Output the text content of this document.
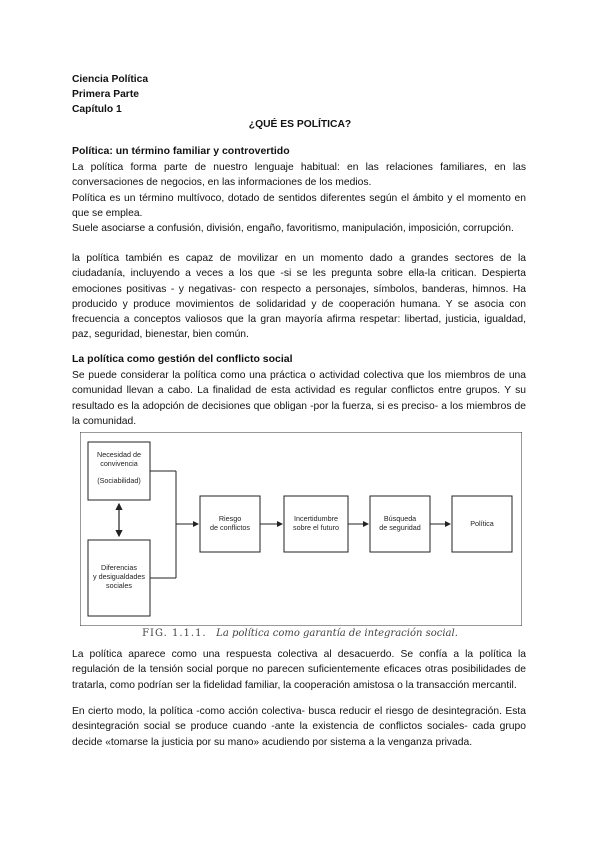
Ciencia Política
Primera Parte
Capítulo 1
¿QUÉ ES POLÍTICA?
Política: un término familiar y controvertido
La política forma parte de nuestro lenguaje habitual: en las relaciones familiares, en las conversaciones de negocios, en las informaciones de los medios.
Política es un término multívoco, dotado de sentidos diferentes según el ámbito y el momento en que se emplea.
Suele asociarse a confusión, división, engaño, favoritismo, manipulación, imposición, corrupción.
la política también es capaz de movilizar en un momento dado a grandes sectores de la ciudadanía, incluyendo a veces a los que -si se les pregunta sobre ella-la critican. Despierta emociones positivas - y negativas- con respecto a personajes, símbolos, banderas, himnos. Ha producido y produce movimientos de solidaridad y de cooperación humana. Y se asocia con frecuencia a conceptos valiosos que la gran mayoría afirma respetar: libertad, justicia, igualdad, paz, seguridad, bienestar, bien común.
La política como gestión del conflicto social
Se puede considerar la política como una práctica o actividad colectiva que los miembros de una comunidad llevan a cabo. La finalidad de esta actividad es regular conflictos entre grupos. Y su resultado es la adopción de decisiones que obligan -por la fuerza, si es preciso- a los miembros de la comunidad.
Necesidad de
convivencia
(Sociabilidad)
Diferencias
y desigualdades
sociales
Riesgo
de conflictos
Incertidumbre
sobre el futuro
Búsqueda
de seguridad	Política
FIG. 1.1.1. La política como garantía de integración social.
La política aparece como una respuesta colectiva al desacuerdo. Se confía a la política la regulación de la tensión social porque no parecen suficientemente eficaces otras posibilidades de tratarla, como podrían ser la fidelidad familiar, la cooperación amistosa o la transacción mercantil.
En cierto modo, la política -como acción colectiva- busca reducir el riesgo de desintegración. Esta desintegración social se produce cuando -ante la existencia de conflictos sociales- cada grupo decide «tomarse la justicia por su mano» acudiendo por sistema a la venganza privada.
